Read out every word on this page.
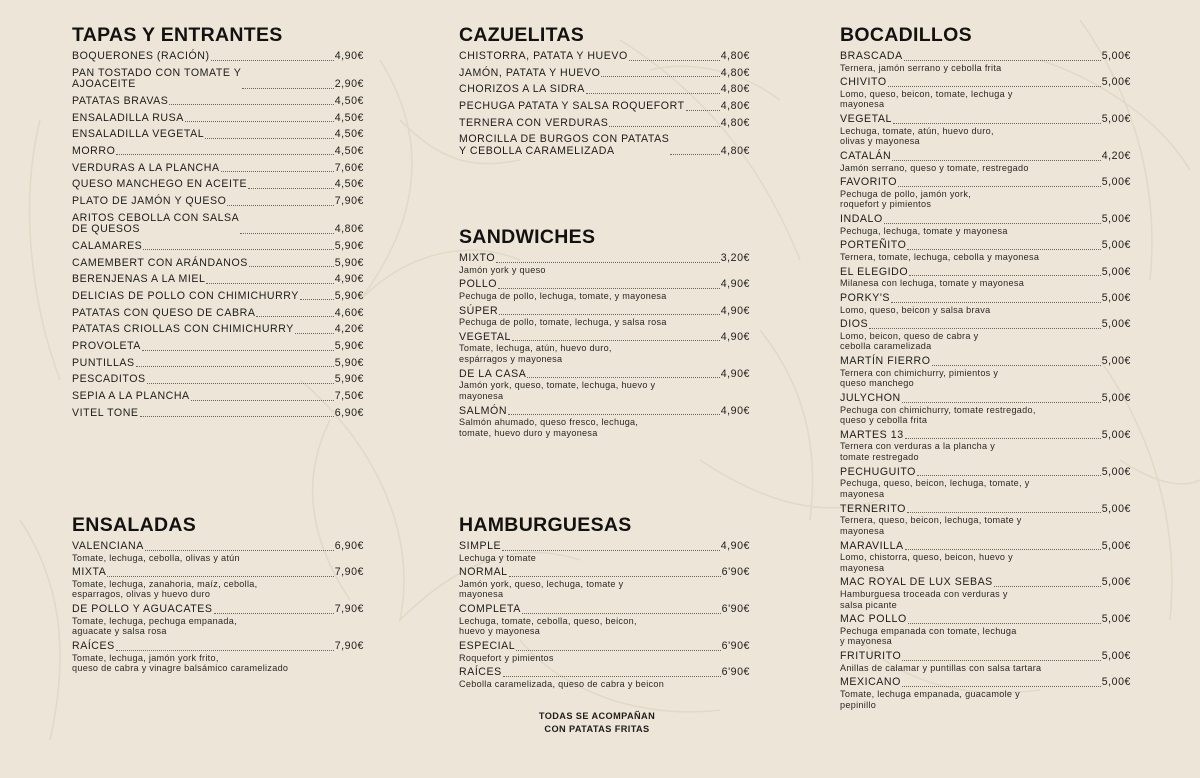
TAPAS Y ENTRANTES
BOQUERONES (RACIÓN)	4,90€
PAN TOSTADO CON TOMATE Y
AJOACEITE	2,90€
PATATAS BRAVAS	4,50€
ENSALADILLA RUSA	4,50€
ENSALADILLA VEGETAL	4,50€
MORRO	4,50€
VERDURAS A LA PLANCHA	7,60€
QUESO MANCHEGO EN ACEITE	4,50€
PLATO DE JAMÓN Y QUESO	7,90€
ARITOS CEBOLLA CON SALSA
DE QUESOS	4,80€
CALAMARES	5,90€
CAMEMBERT CON ARÁNDANOS	5,90€
BERENJENAS A LA MIEL	4,90€
DELICIAS DE POLLO CON CHIMICHURRY	5,90€
PATATAS CON QUESO DE CABRA	4,60€
PATATAS CRIOLLAS CON CHIMICHURRY	4,20€
PROVOLETA	5,90€
PUNTILLAS	5,90€
PESCADITOS	5,90€
SEPIA A LA PLANCHA	7,50€
VITEL TONE	6,90€
ENSALADAS
VALENCIANA	6,90€
Tomate, lechuga, cebolla, olivas y atún
MIXTA	7,90€
Tomate, lechuga, zanahoria, maíz, cebolla,
esparragos, olivas y huevo duro
DE POLLO Y AGUACATES	7,90€
Tomate, lechuga, pechuga empanada,
aguacate y salsa rosa
RAÍCES	7,90€
Tomate, lechuga, jamón york frito,
queso de cabra y vinagre balsámico caramelizado
CAZUELITAS
CHISTORRA, PATATA Y HUEVO	4,80€
JAMÓN, PATATA Y HUEVO	4,80€
CHORIZOS A LA SIDRA	4,80€
PECHUGA PATATA Y SALSA ROQUEFORT	4,80€
TERNERA CON VERDURAS	4,80€
MORCILLA DE BURGOS CON PATATAS
Y CEBOLLA CARAMELIZADA	4,80€
SANDWICHES
MIXTO	3,20€
Jamón york y queso
POLLO	4,90€
Pechuga de pollo, lechuga, tomate, y mayonesa
SÚPER	4,90€
Pechuga de pollo, tomate, lechuga, y salsa rosa
VEGETAL	4,90€
Tomate, lechuga, atún, huevo duro,
espárragos y mayonesa
DE LA CASA	4,90€
Jamón york, queso, tomate, lechuga, huevo y
mayonesa
SALMÓN	4,90€
Salmón ahumado, queso fresco, lechuga,
tomate, huevo duro y mayonesa
HAMBURGUESAS
SIMPLE	4,90€
Lechuga y tomate
NORMAL	6'90€
Jamón york, queso, lechuga, tomate y
mayonesa
COMPLETA	6'90€
Lechuga, tomate, cebolla, queso, beicon,
huevo y mayonesa
ESPECIAL	6'90€
Roquefort y pimientos
RAÍCES	6'90€
Cebolla caramelizada, queso de cabra y beicon
TODAS SE ACOMPAÑAN
CON PATATAS FRITAS
BOCADILLOS
BRASCADA	5,00€
Ternera, jamón serrano y cebolla frita
CHIVITO	5,00€
Lomo, queso, beicon, tomate, lechuga y
mayonesa
VEGETAL	5,00€
Lechuga, tomate, atún, huevo duro,
olivas y mayonesa
CATALÁN	4,20€
Jamón serrano, queso y tomate, restregado
FAVORITO	5,00€
Pechuga de pollo, jamón york,
roquefort y pimientos
INDALO	5,00€
Pechuga, lechuga, tomate y mayonesa
PORTEÑITO	5,00€
Ternera, tomate, lechuga, cebolla y mayonesa
EL ELEGIDO	5,00€
Milanesa con lechuga, tomate y mayonesa
PORKY'S	5,00€
Lomo, queso, beicon y salsa brava
DIOS	5,00€
Lomo, beicon, queso de cabra y
cebolla caramelizada
MARTÍN FIERRO	5,00€
Ternera con chimichurry, pimientos y
queso manchego
JULYCHON	5,00€
Pechuga con chimichurry, tomate restregado,
queso y cebolla frita
MARTES 13	5,00€
Ternera con verduras a la plancha y
tomate restregado
PECHUGUITO	5,00€
Pechuga, queso, beicon, lechuga, tomate, y
mayonesa
TERNERITO	5,00€
Ternera, queso, beicon, lechuga, tomate y
mayonesa
MARAVILLA	5,00€
Lomo, chistorra, queso, beicon, huevo y
mayonesa
MAC ROYAL DE LUX SEBAS	5,00€
Hamburguesa troceada con verduras y
salsa picante
MAC POLLO	5,00€
Pechuga empanada con tomate, lechuga
y mayonesa
FRITURITO	5,00€
Anillas de calamar y puntillas con salsa tartara
MEXICANO	5,00€
Tomate, lechuga empanada, guacamole y
pepinillo
